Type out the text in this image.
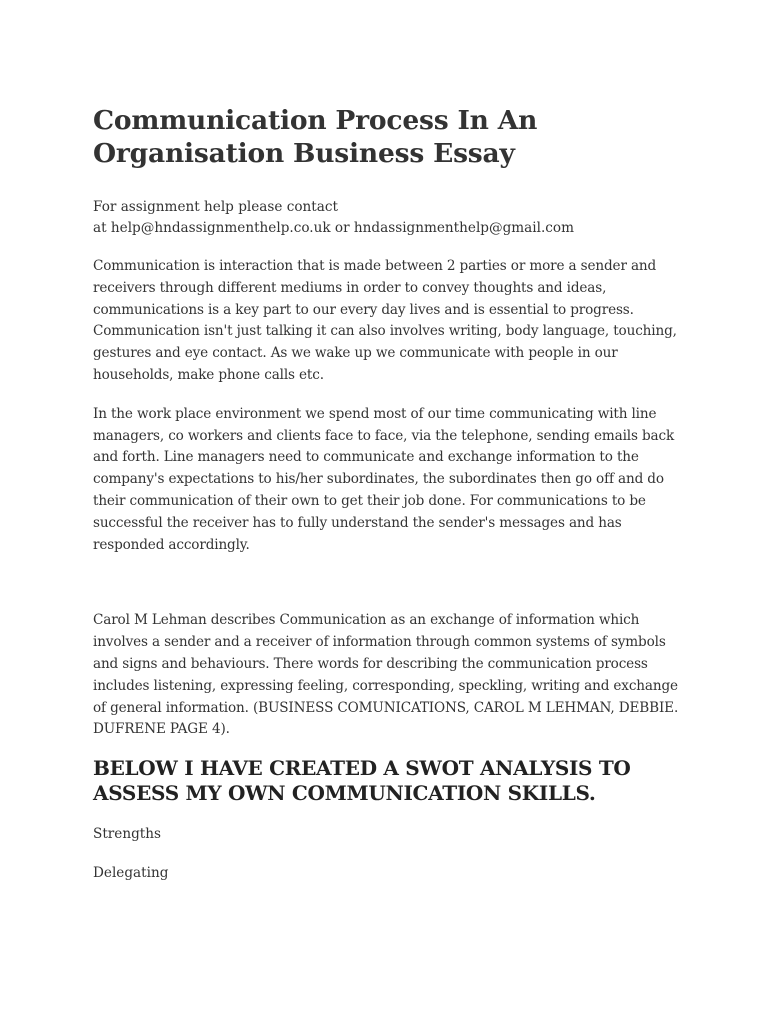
Communication Process In An Organisation Business Essay
For assignment help please contact
at help@hndassignmenthelp.co.uk or hndassignmenthelp@gmail.com

Communication is interaction that is made between 2 parties or more a sender and receivers through different mediums in order to convey thoughts and ideas, communications is a key part to our every day lives and is essential to progress. Communication isn't just talking it can also involves writing, body language, touching, gestures and eye contact. As we wake up we communicate with people in our households, make phone calls etc.

In the work place environment we spend most of our time communicating with line managers, co workers and clients face to face, via the telephone, sending emails back and forth. Line managers need to communicate and exchange information to the company's expectations to his/her subordinates, the subordinates then go off and do their communication of their own to get their job done. For communications to be successful the receiver has to fully understand the sender's messages and has responded accordingly.

Carol M Lehman describes Communication as an exchange of information which involves a sender and a receiver of information through common systems of symbols and signs and behaviours. There words for describing the communication process includes listening, expressing feeling, corresponding, speckling, writing and exchange of general information. (BUSINESS COMUNICATIONS, CAROL M LEHMAN, DEBBIE. DUFRENE PAGE 4).

BELOW I HAVE CREATED A SWOT ANALYSIS TO ASSESS MY OWN COMMUNICATION SKILLS.
Strengths
Delegating
